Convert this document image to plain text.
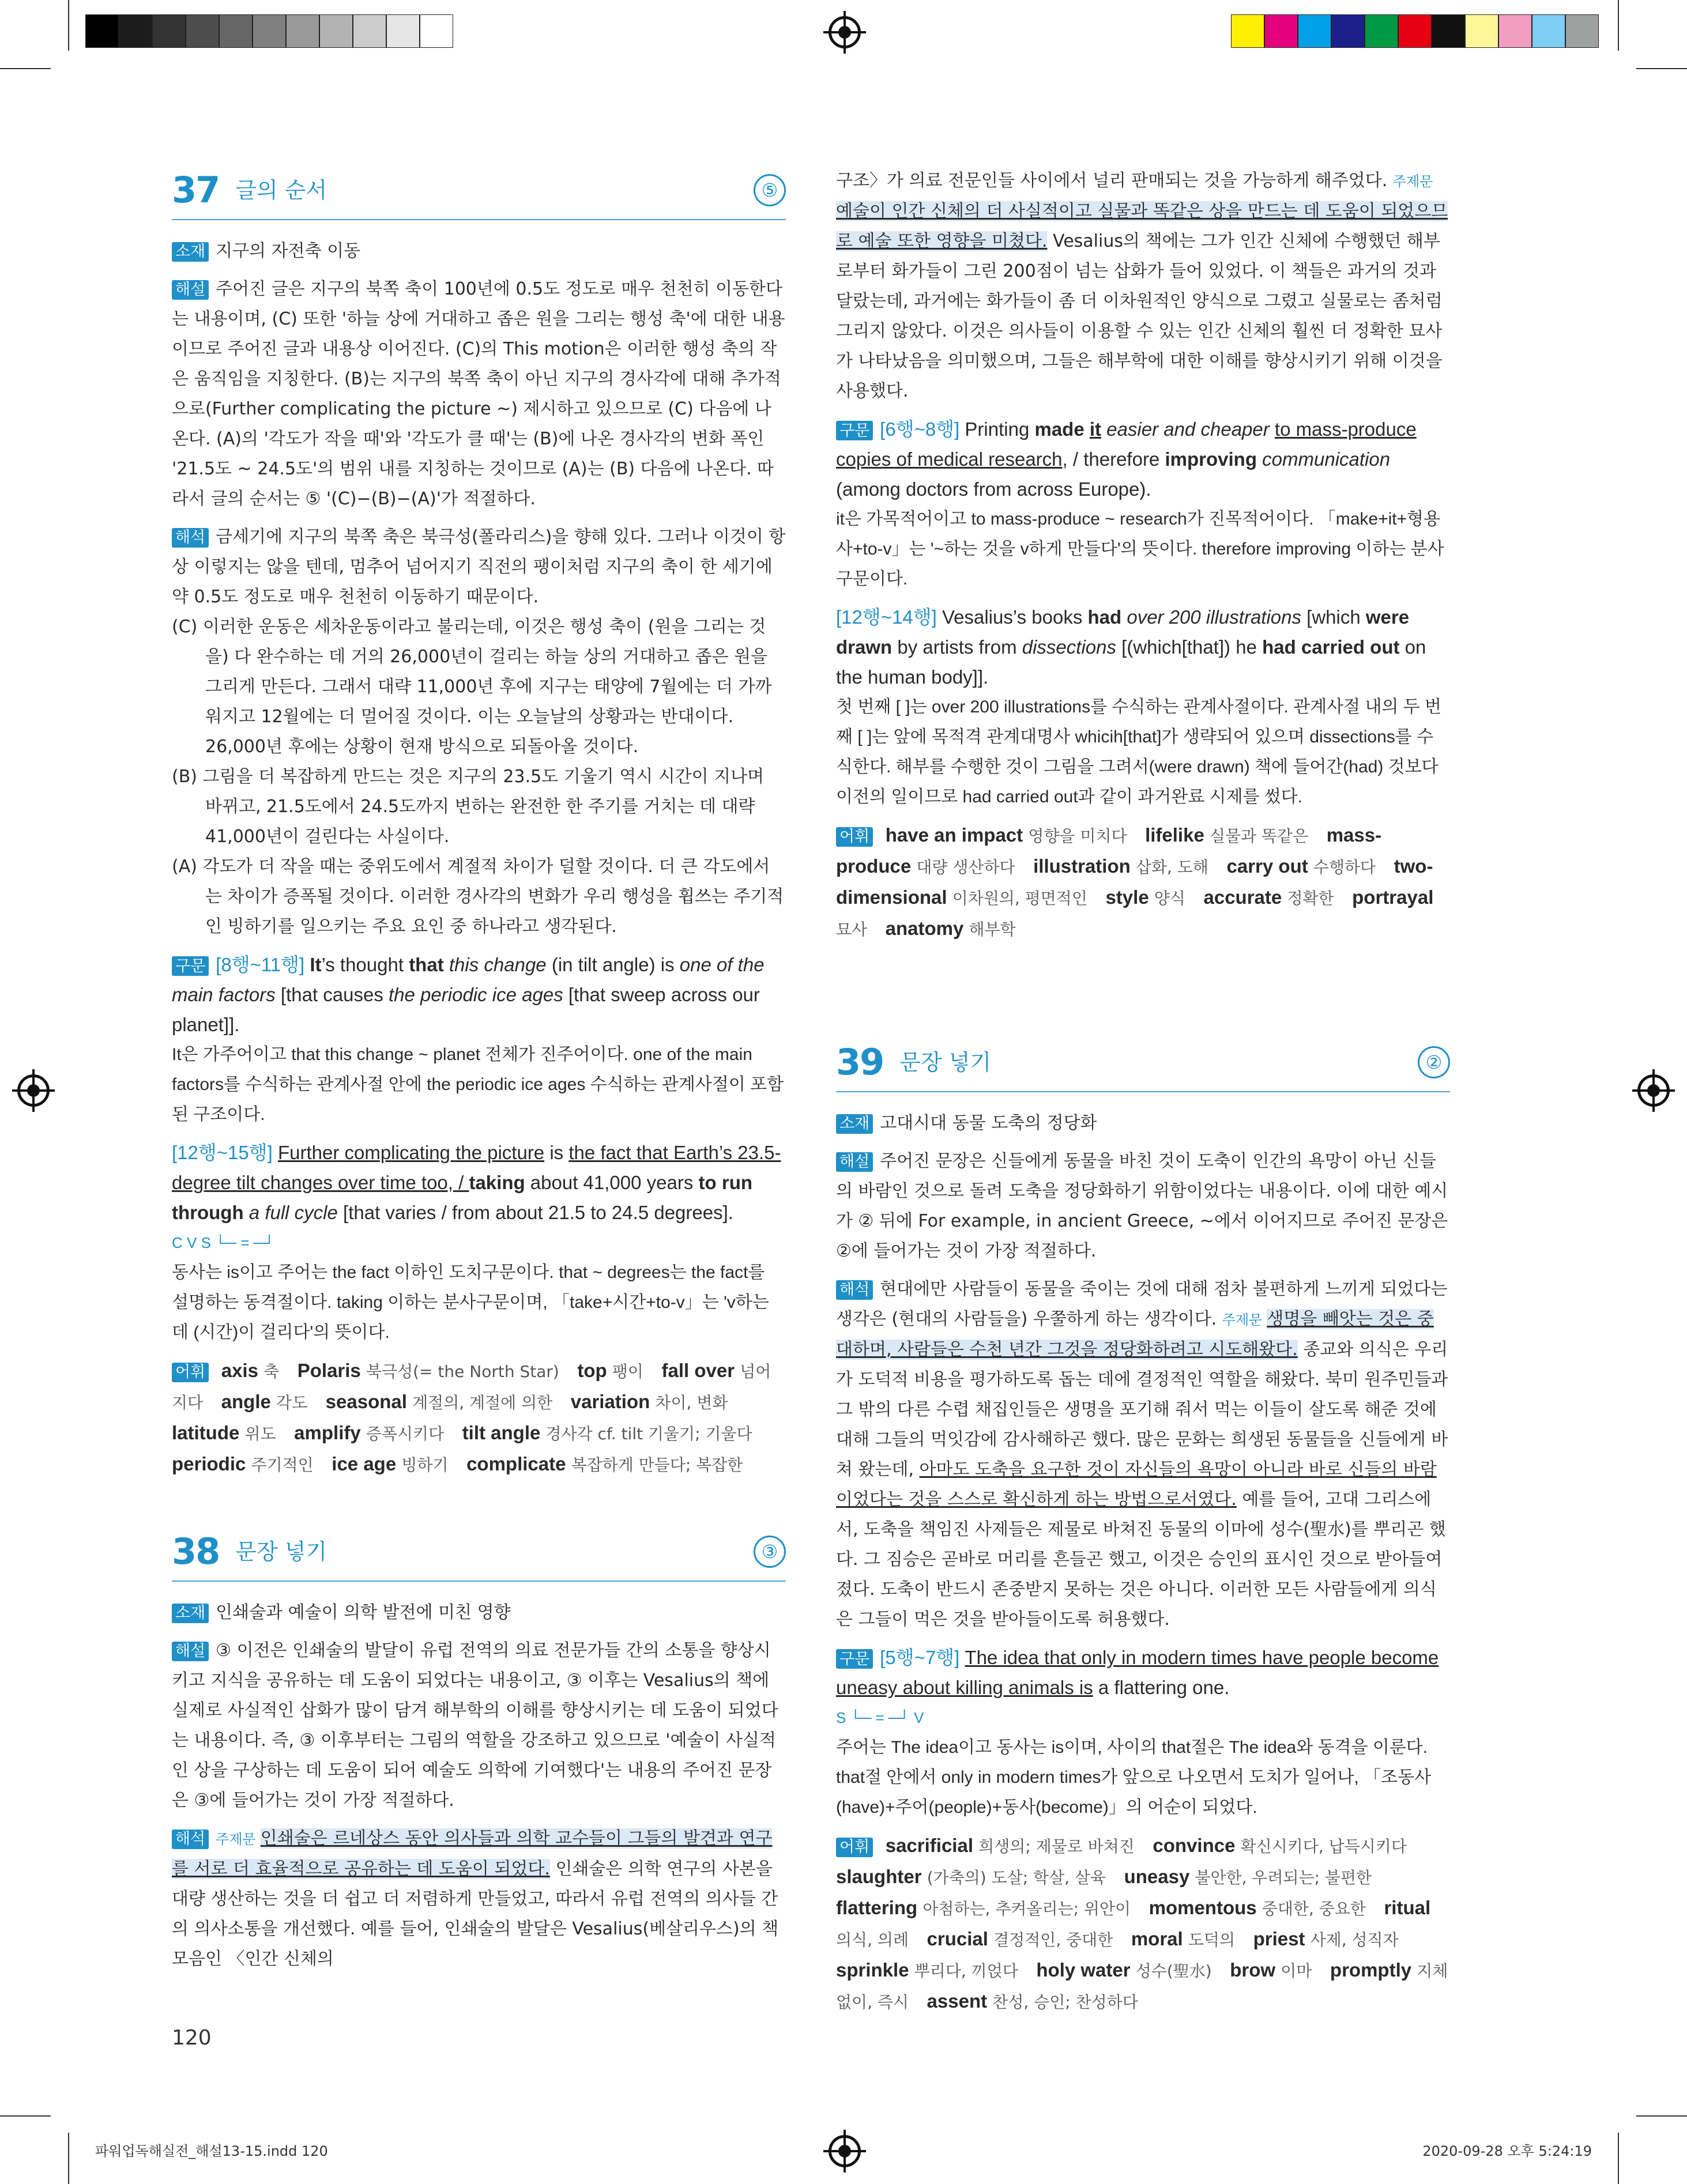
37 글의 순서	⑤
소재 지구의 자전축 이동
해설 주어진 글은 지구의 북쪽 축이 100년에 0.5도 정도로 매우 천천히 이동한다는 내용이며, (C) 또한 '하늘 상에 거대하고 좁은 원을 그리는 행성 축'에 대한 내용이므로 주어진 글과 내용상 이어진다. (C)의 This motion은 이러한 행성 축의 작은 움직임을 지칭한다. (B)는 지구의 북쪽 축이 아닌 지구의 경사각에 대해 추가적으로(Further complicating the picture ~) 제시하고 있으므로 (C) 다음에 나온다. (A)의 '각도가 작을 때'와 '각도가 클 때'는 (B)에 나온 경사각의 변화 폭인 '21.5도 ~ 24.5도'의 범위 내를 지칭하는 것이므로 (A)는 (B) 다음에 나온다. 따라서 글의 순서는 ⑤ '(C)−(B)−(A)'가 적절하다.
해석 금세기에 지구의 북쪽 축은 북극성(폴라리스)을 향해 있다. 그러나 이것이 항상 이렇지는 않을 텐데, 멈추어 넘어지기 직전의 팽이처럼 지구의 축이 한 세기에 약 0.5도 정도로 매우 천천히 이동하기 때문이다.

(C) 이러한 운동은 세차운동이라고 불리는데, 이것은 행성 축이 (원을 그리는 것을) 다 완수하는 데 거의 26,000년이 걸리는 하늘 상의 거대하고 좁은 원을 그리게 만든다. 그래서 대략 11,000년 후에 지구는 태양에 7월에는 더 가까워지고 12월에는 더 멀어질 것이다. 이는 오늘날의 상황과는 반대이다. 26,000년 후에는 상황이 현재 방식으로 되돌아올 것이다.

(B) 그림을 더 복잡하게 만드는 것은 지구의 23.5도 기울기 역시 시간이 지나며 바뀌고, 21.5도에서 24.5도까지 변하는 완전한 한 주기를 거치는 데 대략 41,000년이 걸린다는 사실이다.

(A) 각도가 더 작을 때는 중위도에서 계절적 차이가 덜할 것이다. 더 큰 각도에서는 차이가 증폭될 것이다. 이러한 경사각의 변화가 우리 행성을 휩쓰는 주기적인 빙하기를 일으키는 주요 요인 중 하나라고 생각된다.

구문 [8행~11행] It’s thought that this change (in tilt angle) is one of the main factors [that causes the periodic ice ages [that sweep across our planet]].
It은 가주어이고 that this change ~ planet 전체가 진주어이다. one of the main factors를 수식하는 관계사절 안에 the periodic ice ages 수식하는 관계사절이 포함된 구조이다.
[12행~15행] Further complicating the picture is the fact that Earth’s 23.5-degree tilt changes over time too, / taking about 41,000 years to run through a full cycle [that varies / from about 21.5 to 24.5 degrees].
C V S └─ = ─┘
동사는 is이고 주어는 the fact 이하인 도치구문이다. that ~ degrees는 the fact를 설명하는 동격절이다. taking 이하는 분사구문이며, 「take+시간+to-v」는 'v하는 데 (시간)이 걸리다'의 뜻이다.
어휘 axis 축 Polaris 북극성(= the North Star) top 팽이 fall over 넘어지다 angle 각도 seasonal 계절의, 계절에 의한 variation 차이, 변화 latitude 위도 amplify 증폭시키다 tilt angle 경사각 cf. tilt 기울기; 기울다 periodic 주기적인 ice age 빙하기 complicate 복잡하게 만들다; 복잡한
38 문장 넣기	③
소재 인쇄술과 예술이 의학 발전에 미친 영향
해설 ③ 이전은 인쇄술의 발달이 유럽 전역의 의료 전문가들 간의 소통을 향상시키고 지식을 공유하는 데 도움이 되었다는 내용이고, ③ 이후는 Vesalius의 책에 실제로 사실적인 삽화가 많이 담겨 해부학의 이해를 향상시키는 데 도움이 되었다는 내용이다. 즉, ③ 이후부터는 그림의 역할을 강조하고 있으므로 '예술이 사실적인 상을 구상하는 데 도움이 되어 예술도 의학에 기여했다'는 내용의 주어진 문장은 ③에 들어가는 것이 가장 적절하다.
해석 주제문 인쇄술은 르네상스 동안 의사들과 의학 교수들이 그들의 발견과 연구를 서로 더 효율적으로 공유하는 데 도움이 되었다. 인쇄술은 의학 연구의 사본을 대량 생산하는 것을 더 쉽고 더 저렴하게 만들었고, 따라서 유럽 전역의 의사들 간의 의사소통을 개선했다. 예를 들어, 인쇄술의 발달은 Vesalius(베살리우스)의 책 모음인 〈인간 신체의
구조〉가 의료 전문인들 사이에서 널리 판매되는 것을 가능하게 해주었다. 주제문예술이 인간 신체의 더 사실적이고 실물과 똑같은 상을 만드는 데 도움이 되었으므로 예술 또한 영향을 미쳤다. Vesalius의 책에는 그가 인간 신체에 수행했던 해부로부터 화가들이 그린 200점이 넘는 삽화가 들어 있었다. 이 책들은 과거의 것과 달랐는데, 과거에는 화가들이 좀 더 이차원적인 양식으로 그렸고 실물로는 좀처럼 그리지 않았다. 이것은 의사들이 이용할 수 있는 인간 신체의 훨씬 더 정확한 묘사가 나타났음을 의미했으며, 그들은 해부학에 대한 이해를 향상시키기 위해 이것을 사용했다.
구문 [6행~8행] Printing made it easier and cheaper to mass-produce copies of medical research, / therefore improving communication (among doctors from across Europe).
it은 가목적어이고 to mass-produce ~ research가 진목적어이다. 「make+it+형용사+to-v」는 '~하는 것을 v하게 만들다'의 뜻이다. therefore improving 이하는 분사구문이다.
[12행~14행] Vesalius’s books had over 200 illustrations [which were drawn by artists from dissections [(which[that]) he had carried out on the human body]].
첫 번째 [ ]는 over 200 illustrations를 수식하는 관계사절이다. 관계사절 내의 두 번째 [ ]는 앞에 목적격 관계대명사 whicih[that]가 생략되어 있으며 dissections를 수식한다. 해부를 수행한 것이 그림을 그려서(were drawn) 책에 들어간(had) 것보다 이전의 일이므로 had carried out과 같이 과거완료 시제를 썼다.
어휘 have an impact 영향을 미치다 lifelike 실물과 똑같은 mass-produce 대량 생산하다 illustration 삽화, 도해 carry out 수행하다 two-dimensional 이차원의, 평면적인 style 양식 accurate 정확한 portrayal 묘사 anatomy 해부학
39 문장 넣기	②
소재 고대시대 동물 도축의 정당화
해설 주어진 문장은 신들에게 동물을 바친 것이 도축이 인간의 욕망이 아닌 신들의 바람인 것으로 돌려 도축을 정당화하기 위함이었다는 내용이다. 이에 대한 예시가 ② 뒤에 For example, in ancient Greece, ~에서 이어지므로 주어진 문장은 ②에 들어가는 것이 가장 적절하다.
해석 현대에만 사람들이 동물을 죽이는 것에 대해 점차 불편하게 느끼게 되었다는 생각은 (현대의 사람들을) 우쭐하게 하는 생각이다. 주제문 생명을 빼앗는 것은 중대하며, 사람들은 수천 년간 그것을 정당화하려고 시도해왔다. 종교와 의식은 우리가 도덕적 비용을 평가하도록 돕는 데에 결정적인 역할을 해왔다. 북미 원주민들과 그 밖의 다른 수렵 채집인들은 생명을 포기해 줘서 먹는 이들이 살도록 해준 것에 대해 그들의 먹잇감에 감사해하곤 했다. 많은 문화는 희생된 동물들을 신들에게 바쳐 왔는데, 아마도 도축을 요구한 것이 자신들의 욕망이 아니라 바로 신들의 바람이었다는 것을 스스로 확신하게 하는 방법으로서였다. 예를 들어, 고대 그리스에서, 도축을 책임진 사제들은 제물로 바쳐진 동물의 이마에 성수(聖水)를 뿌리곤 했다. 그 짐승은 곧바로 머리를 흔들곤 했고, 이것은 승인의 표시인 것으로 받아들여졌다. 도축이 반드시 존중받지 못하는 것은 아니다. 이러한 모든 사람들에게 의식은 그들이 먹은 것을 받아들이도록 허용했다.
구문 [5행~7행] The idea that only in modern times have people become uneasy about killing animals is a flattering one.
S └─ = ─┘ V
주어는 The idea이고 동사는 is이며, 사이의 that절은 The idea와 동격을 이룬다. that절 안에서 only in modern times가 앞으로 나오면서 도치가 일어나, 「조동사(have)+주어(people)+동사(become)」의 어순이 되었다.
어휘 sacrificial 희생의; 제물로 바쳐진 convince 확신시키다, 납득시키다 slaughter (가축의) 도살; 학살, 살육 uneasy 불안한, 우려되는; 불편한 flattering 아첨하는, 추켜올리는; 위안이 momentous 중대한, 중요한 ritual 의식, 의례 crucial 결정적인, 중대한 moral 도덕의 priest 사제, 성직자 sprinkle 뿌리다, 끼얹다 holy water 성수(聖水) brow 이마 promptly 지체 없이, 즉시 assent 찬성, 승인; 찬성하다
120
파워업독해실전_해설13-15.indd 120	2020-09-28 오후 5:24:19
